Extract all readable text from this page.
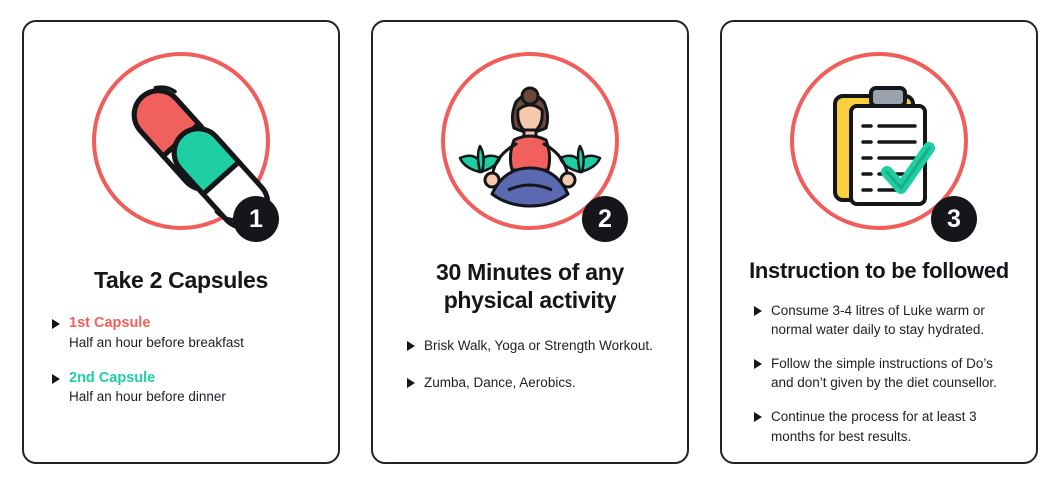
1
Take 2 Capsules
1st Capsule
Half an hour before breakfast
2nd Capsule
Half an hour before dinner
2
30 Minutes of any physical activity
Brisk Walk, Yoga or Strength Workout.
Zumba, Dance, Aerobics.
3
Instruction to be followed
Consume 3-4 litres of Luke warm or normal water daily to stay hydrated.
Follow the simple instructions of Do’s and don’t given by the diet counsellor.
Continue the process for at least 3 months for best results.
